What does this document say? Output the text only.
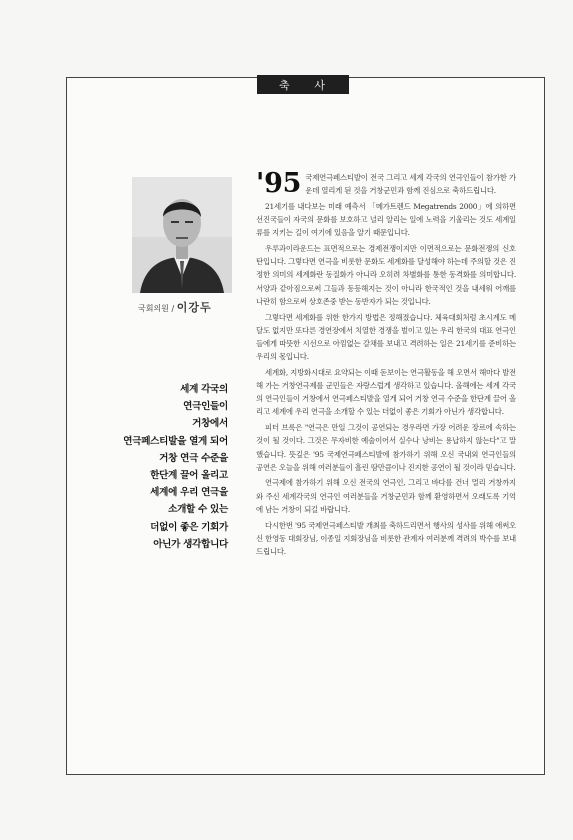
축 사
국회의원 / 이강두
세계 각국의
연극인들이
거창에서
연극페스티발을 열게 되어
거창 연극 수준을
한단계 끌어 올리고
세계에 우리 연극을
소개할 수 있는
더없이 좋은 기회가
아닌가 생각합니다

'95 국제연극페스티발이 전국 그리고 세계 각국의 연극인들이 참가한 가운데 열리게 된 것을 거창군민과 함께 진심으로 축하드립니다.

21세기를 내다보는 미래 예측서 「메가트렌드 Megatrends 2000」에 의하면 선진국들이 자국의 문화를 보호하고 널리 알리는 일에 노력을 기울리는 것도 세계일류를 지키는 길이 여기에 있음을 알기 때문입니다.

우루과이라운드는 표면적으로는 경제전쟁이지만 이면적으로는 문화전쟁의 신호탄입니다. 그렇다면 연극을 비롯한 문화도 세계화를 달성해야 하는데 주의할 것은 진정한 의미의 세계화란 동질화가 아니라 오히려 차별화를 통한 동격화를 의미합니다. 서양과 같아짐으로써 그들과 동등해지는 것이 아니라 한국적인 것을 내세워 어깨를 나란히 함으로써 상호존중 받는 동반자가 되는 것입니다.

그렇다면 세계화를 위한 한가지 방법은 정해졌습니다. 체육대회처럼 초시계도 메달도 없지만 또다른 경연장에서 치열한 경쟁을 벌이고 있는 우리 한국의 대표 연극인들에게 따뜻한 시선으로 아낌없는 갈채를 보내고 격려하는 일은 21세기를 준비하는 우리의 몫입니다.

세계화, 지방화시대로 요약되는 이때 돋보이는 연극활동을 해 오면서 해마다 발전해 가는 거창연극제를 군민들은 자랑스럽게 생각하고 있습니다. 올해에는 세계 각국의 연극인들이 거창에서 연극페스티발을 열게 되어 거창 연극 수준을 한단계 끌어 올리고 세계에 우리 연극을 소개할 수 있는 더없이 좋은 기회가 아닌가 생각합니다.

피터 브룩은 "연극은 만일 그것이 공연되는 경우라면 가장 어려운 장르에 속하는 것이 될 것이다. 그것은 무자비한 예술이어서 실수나 낭비는 용납하지 않는다"고 말했습니다. 뜻깊은 '95 국제연극페스티발에 참가하기 위해 오신 국내외 연극인들의 공연은 오늘을 위해 여러분들이 흘린 땀만큼이나 진지한 공연이 될 것이라 믿습니다.

연극제에 참가하기 위해 오신 전국의 연극인, 그리고 바다를 건너 멀리 거창까지 와 주신 세계각국의 연극인 여러분들을 거창군민과 함께 환영하면서 오래도록 기억에 남는 거창이 되길 바랍니다.

다시한번 '95 국제연극페스티발 개최를 축하드리면서 행사의 성사를 위해 애써오신 한영동 대회장님, 이종일 지회장님을 비롯한 관계자 여러분께 격려의 박수를 보내드립니다.
